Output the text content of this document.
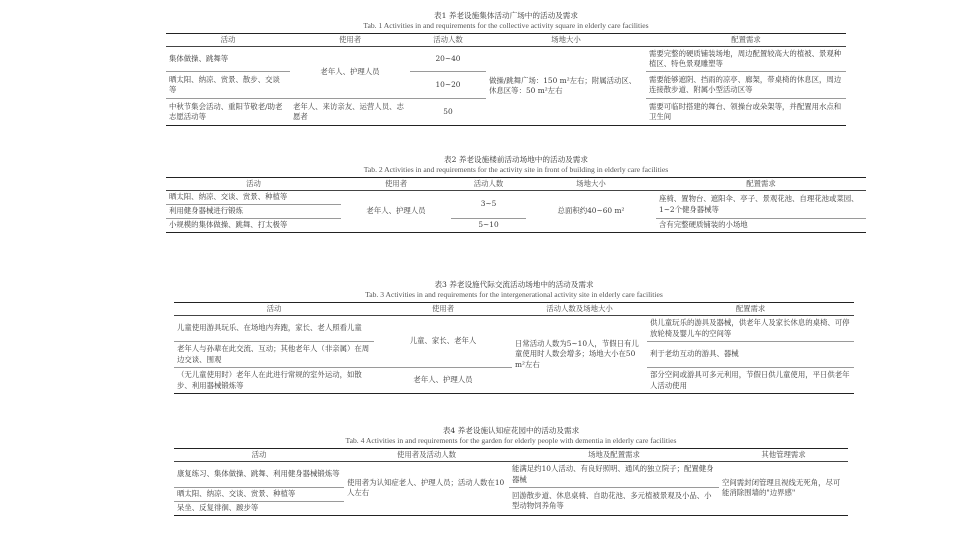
表1 养老设施集体活动广场中的活动及需求
Tab. 1 Activities in and requirements for the collective activity square in elderly care facilities
活动	使用者	活动人数	场地大小	配置需求
集体做操、跳舞等	老年人、护理人员	20~40	做操/跳舞广场：150 m²左右；附属活动区、休息区等：50 m²左右	需要完整的硬质铺装场地，周边配置较高大的植被、景观种植区、特色景观雕塑等
晒太阳、纳凉、赏景、散步、交谈等		10~20		需要能够遮阴、挡雨的凉亭、廊架，带桌椅的休息区，周边连接散步道、附属小型活动区等
中秋节集会活动、重阳节敬老/助老志愿活动等	老年人、来访亲友、运营人员、志愿者	50		需要可临时搭建的舞台、领操台或朵架等，并配置用水点和卫生间
表2 养老设施楼前活动场地中的活动及需求
Tab. 2 Activities in and requirements for the activity site in front of building in elderly care facilities
活动	使用者	活动人数	场地大小	配置需求
晒太阳、纳凉、交谈、赏景、种植等	老年人、护理人员	3~5	总面积约40~60 m²	座椅、置物台、遮阳伞、亭子、景观花池、自理花池或菜园、1~2个健身器械等
利用健身器械进行锻炼				
小规模的集体做操、跳舞、打太极等		5~10		含有完整硬质铺装的小场地
表3 养老设施代际交流活动场地中的活动及需求
Tab. 3 Activities in and requirements for the intergenerational activity site in elderly care facilities
活动	使用者	活动人数及场地大小	配置需求
儿童使用游具玩乐、在场地内奔跑，家长、老人照看儿童	儿童、家长、老年人	日常活动人数为5~10人，节假日有儿童使用时人数会增多；场地大小在50 m²左右	供儿童玩乐的游具及器械，供老年人及家长休息的桌椅、可停放轮椅及婴儿车的空间等
老年人与孙辈在此交流、互动；其他老年人（非亲属）在周边交谈、围观			利于老幼互动的游具、器械
（无儿童使用时）老年人在此进行常规的室外运动，如散步、利用器械锻炼等	老年人、护理人员		部分空间或游具可多元利用，节假日供儿童使用，平日供老年人活动使用
表4 养老设施认知症花园中的活动及需求
Tab. 4 Activities in and requirements for the garden for elderly people with dementia in elderly care facilities
活动	使用者及活动人数	场地及配置需求	其他管理需求
康复练习、集体做操、跳舞、利用健身器械锻炼等	使用者为认知症老人、护理人员；活动人数在10人左右	能满足约10人活动、有良好照明、通风的独立院子；配置健身器械	空间需封闭管理且视线无死角，尽可能消除围墙的"边界感"
晒太阳、纳凉、交谈、赏景、种植等		回游散步道、休息桌椅、自助花池、多元植被景观及小品、小型动物饲养角等	
呆坐、反复徘徊、踱步等			
